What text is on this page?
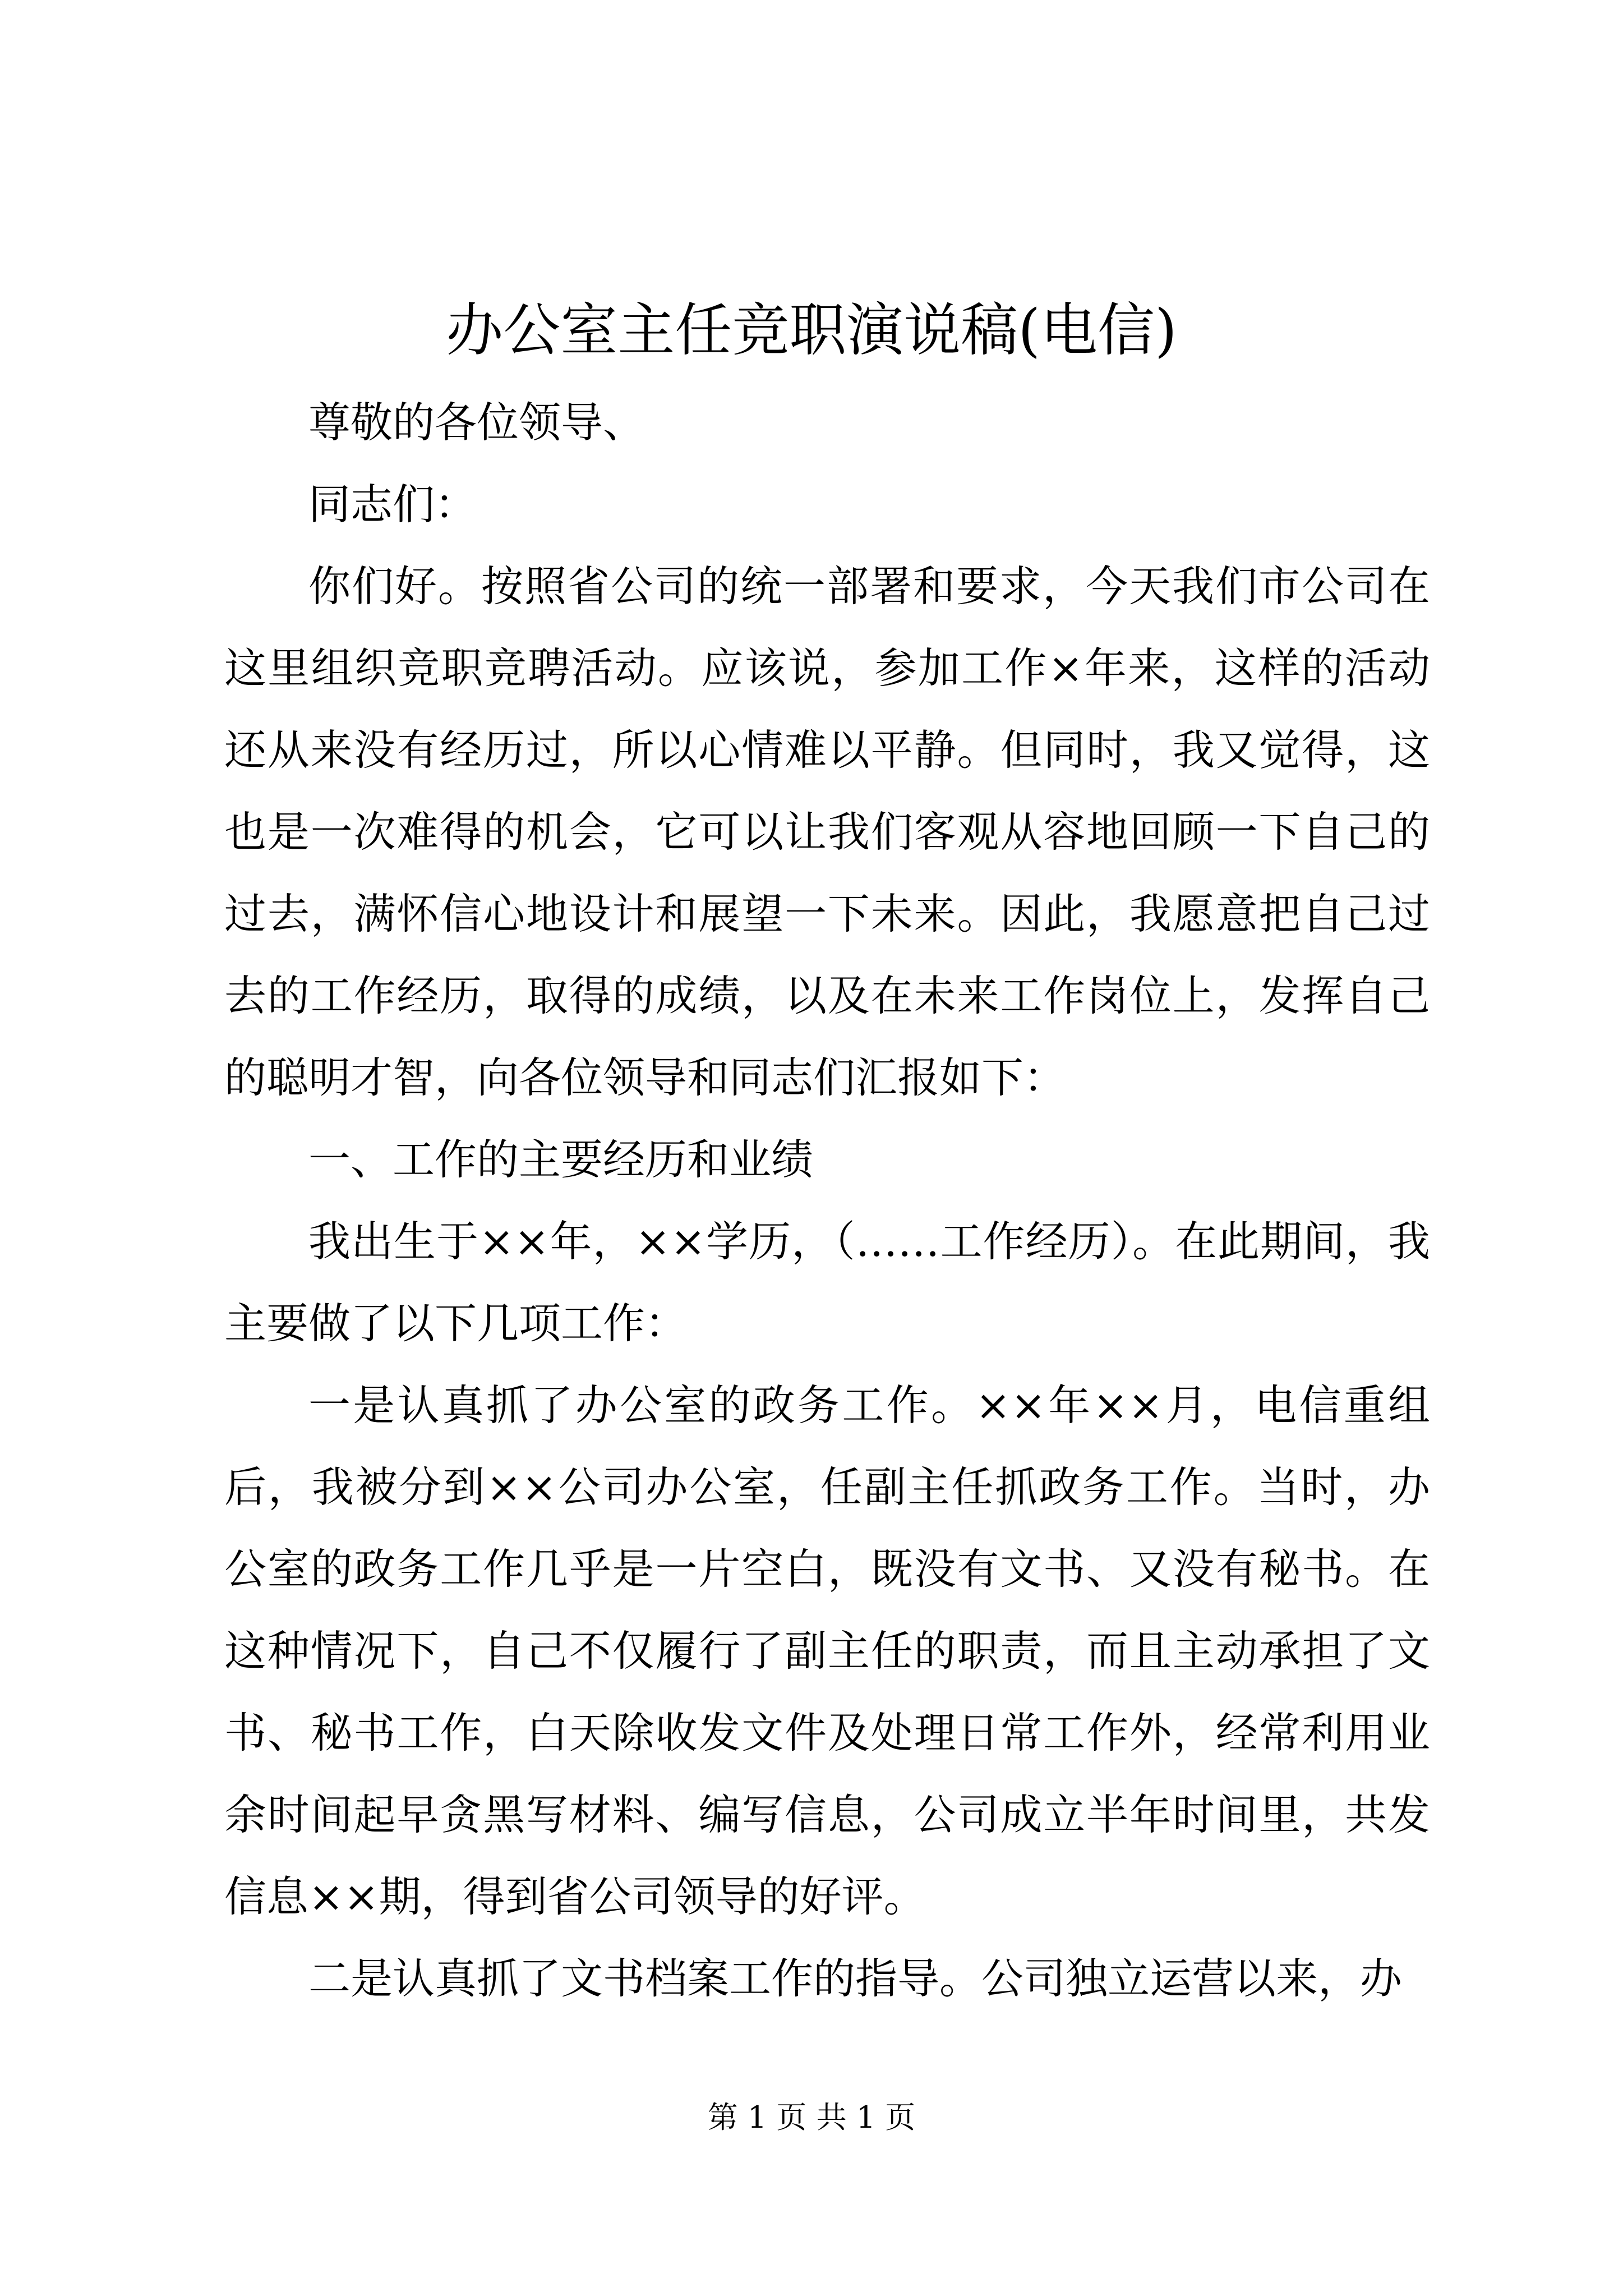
办公室主任竞职演说稿(电信)

尊敬的各位领导、

同志们：

你们好。按照省公司的统一部署和要求，今天我们市公司在这里组织竞职竞聘活动。应该说，参加工作×年来，这样的活动还从来没有经历过，所以心情难以平静。但同时，我又觉得，这也是一次难得的机会，它可以让我们客观从容地回顾一下自己的过去，满怀信心地设计和展望一下未来。因此，我愿意把自己过去的工作经历，取得的成绩，以及在未来工作岗位上，发挥自己的聪明才智，向各位领导和同志们汇报如下：

一、工作的主要经历和业绩

我出生于××年，××学历，（……工作经历）。在此期间，我主要做了以下几项工作：

一是认真抓了办公室的政务工作。××年××月，电信重组后，我被分到××公司办公室，任副主任抓政务工作。当时，办公室的政务工作几乎是一片空白，既没有文书、又没有秘书。在这种情况下，自己不仅履行了副主任的职责，而且主动承担了文书、秘书工作，白天除收发文件及处理日常工作外，经常利用业余时间起早贪黑写材料、编写信息，公司成立半年时间里，共发信息××期，得到省公司领导的好评。

二是认真抓了文书档案工作的指导。公司独立运营以来，办

第 1 页 共 1 页
